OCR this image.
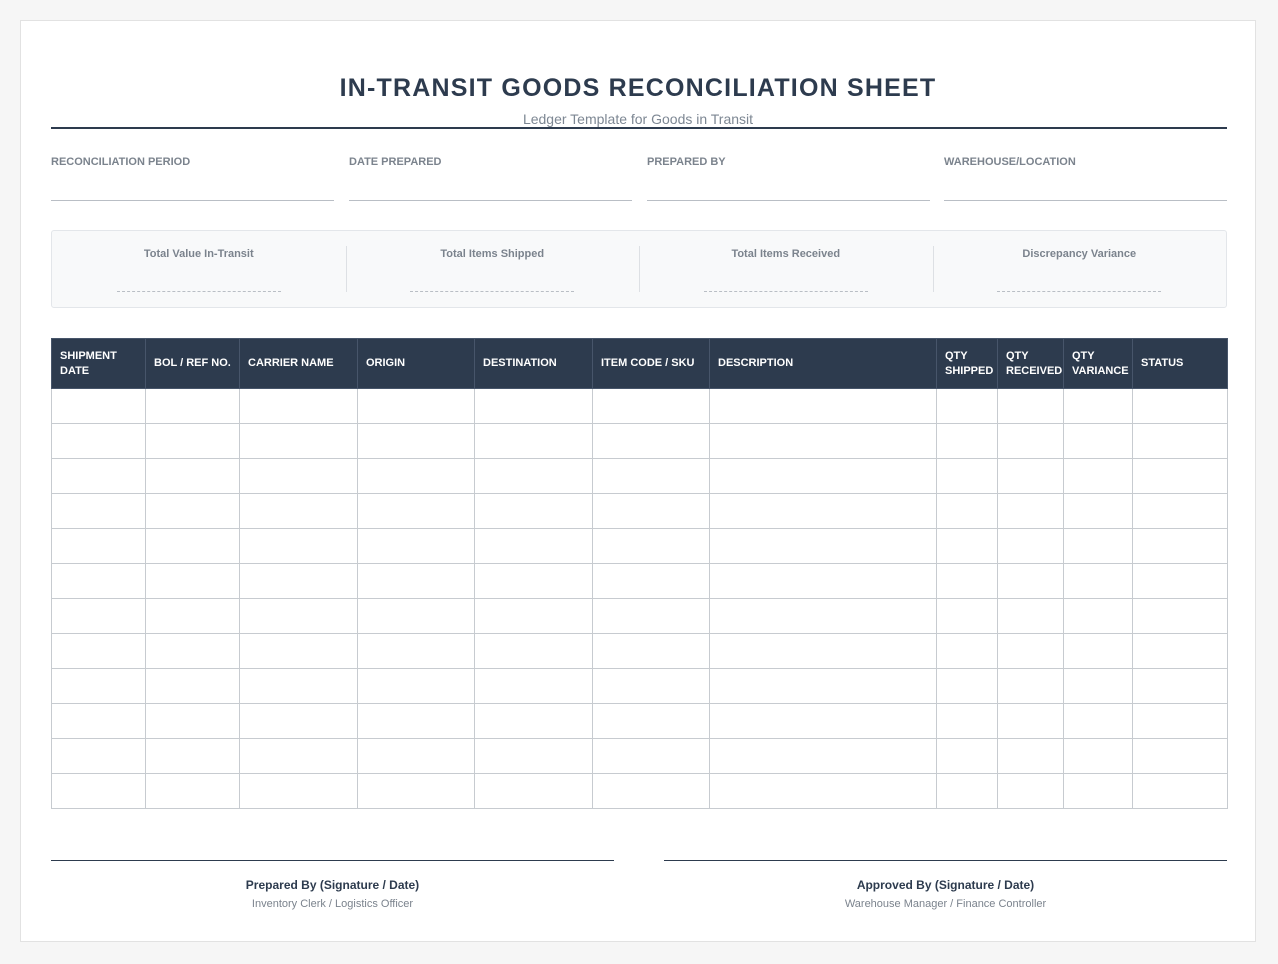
IN-TRANSIT GOODS RECONCILIATION SHEET
Ledger Template for Goods in Transit
RECONCILIATION PERIOD	DATE PREPARED	PREPARED BY	WAREHOUSE/LOCATION
Total Value In-Transit	Total Items Shipped	Total Items Received	Discrepancy Variance
SHIPMENT DATE	BOL / REF NO.	CARRIER NAME	ORIGIN	DESTINATION	ITEM CODE / SKU	DESCRIPTION	QTY SHIPPED	QTY RECEIVED	QTY VARIANCE	STATUS

Prepared By (Signature / Date)
Inventory Clerk / Logistics Officer
Approved By (Signature / Date)
Warehouse Manager / Finance Controller
